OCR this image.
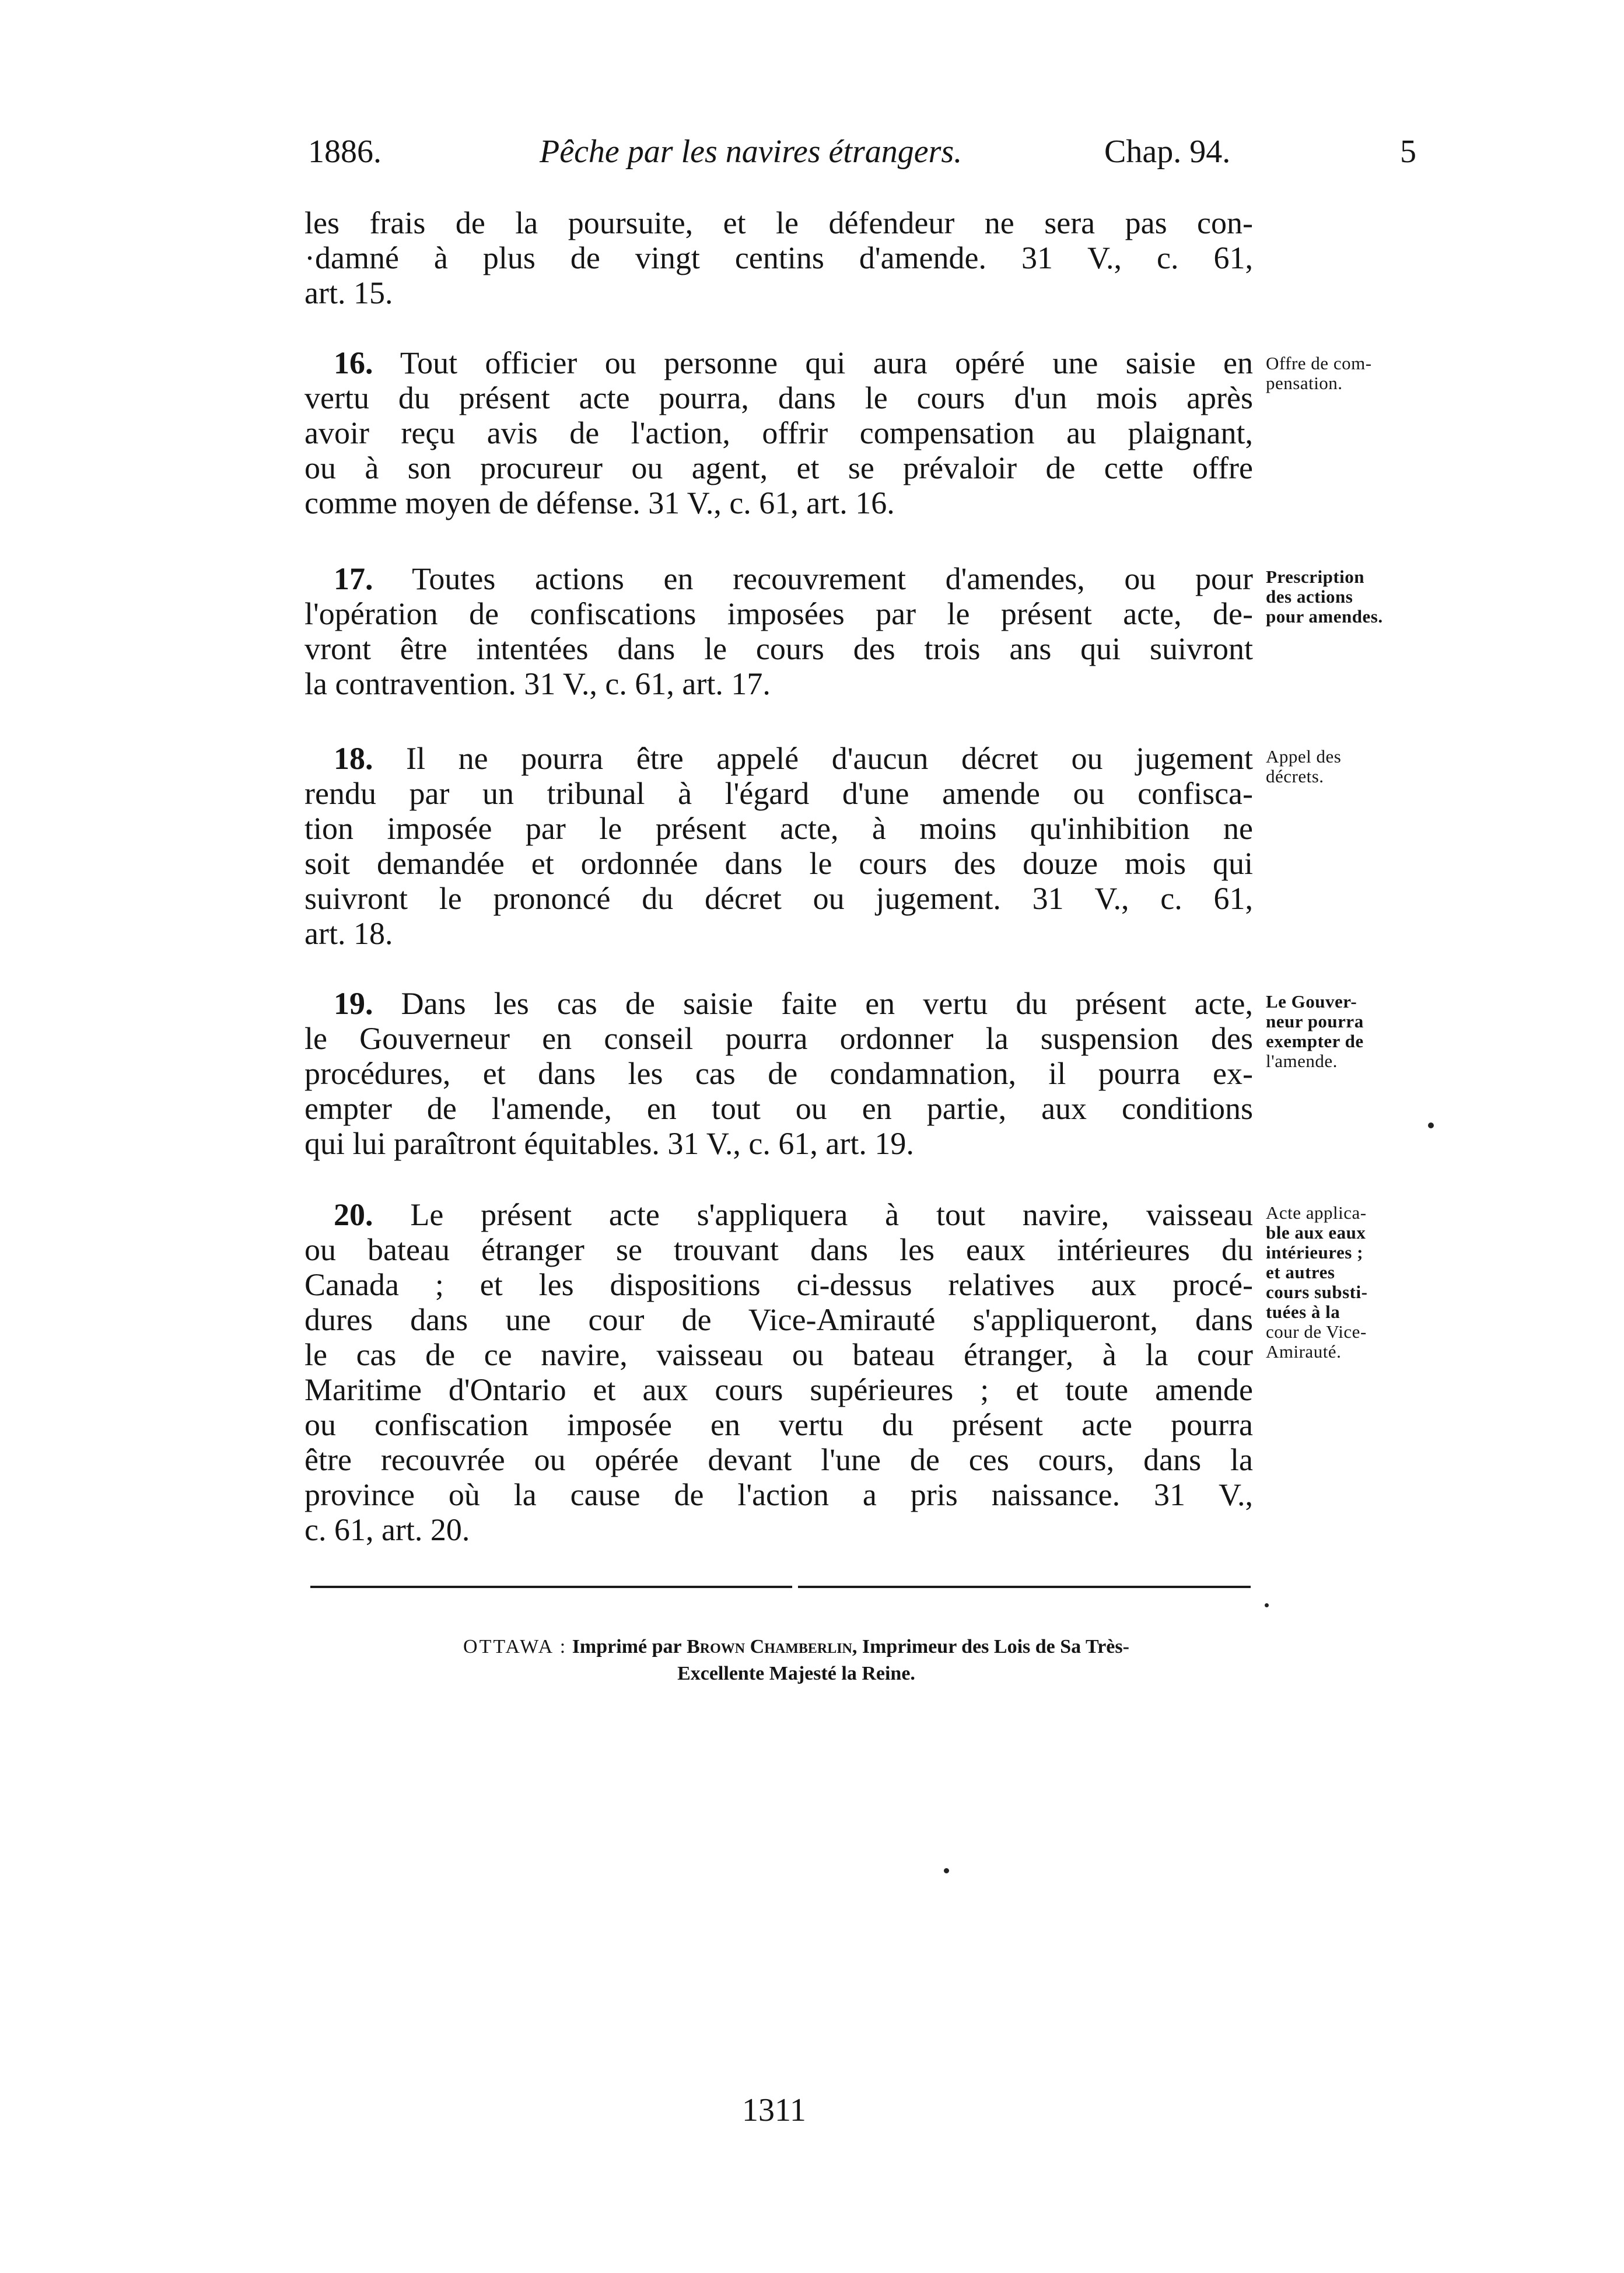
1886.	Pêche par les navires étrangers.	Chap. 94.	5
les frais de la poursuite, et le défendeur ne sera pas con-
·damné à plus de vingt centins d'amende. 31 V., c. 61,
art. 15.
16. Tout officier ou personne qui aura opéré une saisie en
vertu du présent acte pourra, dans le cours d'un mois après
avoir reçu avis de l'action, offrir compensation au plaignant,
ou à son procureur ou agent, et se prévaloir de cette offre
comme moyen de défense. 31 V., c. 61, art. 16.
Offre de com-
pensation.
17. Toutes actions en recouvrement d'amendes, ou pour
l'opération de confiscations imposées par le présent acte, de-
vront être intentées dans le cours des trois ans qui suivront
la contravention. 31 V., c. 61, art. 17.
Prescription
des actions
pour amendes.
18. Il ne pourra être appelé d'aucun décret ou jugement
rendu par un tribunal à l'égard d'une amende ou confisca-
tion imposée par le présent acte, à moins qu'inhibition ne
soit demandée et ordonnée dans le cours des douze mois qui
suivront le prononcé du décret ou jugement. 31 V., c. 61,
art. 18.
Appel des
décrets.
19. Dans les cas de saisie faite en vertu du présent acte,
le Gouverneur en conseil pourra ordonner la suspension des
procédures, et dans les cas de condamnation, il pourra ex-
empter de l'amende, en tout ou en partie, aux conditions
qui lui paraîtront équitables. 31 V., c. 61, art. 19.
Le Gouver-
neur pourra
exempter de
l'amende.
20. Le présent acte s'appliquera à tout navire, vaisseau
ou bateau étranger se trouvant dans les eaux intérieures du
Canada ; et les dispositions ci-dessus relatives aux procé-
dures dans une cour de Vice-Amirauté s'appliqueront, dans
le cas de ce navire, vaisseau ou bateau étranger, à la cour
Maritime d'Ontario et aux cours supérieures ; et toute amende
ou confiscation imposée en vertu du présent acte pourra
être recouvrée ou opérée devant l'une de ces cours, dans la
province où la cause de l'action a pris naissance. 31 V.,
c. 61, art. 20.
Acte applica-
ble aux eaux
intérieures ;
et autres
cours substi-
tuées à la
cour de Vice-
Amirauté.
OTTAWA : Imprimé par Brown Chamberlin, Imprimeur des Lois de Sa Très-
Excellente Majesté la Reine.
1311
